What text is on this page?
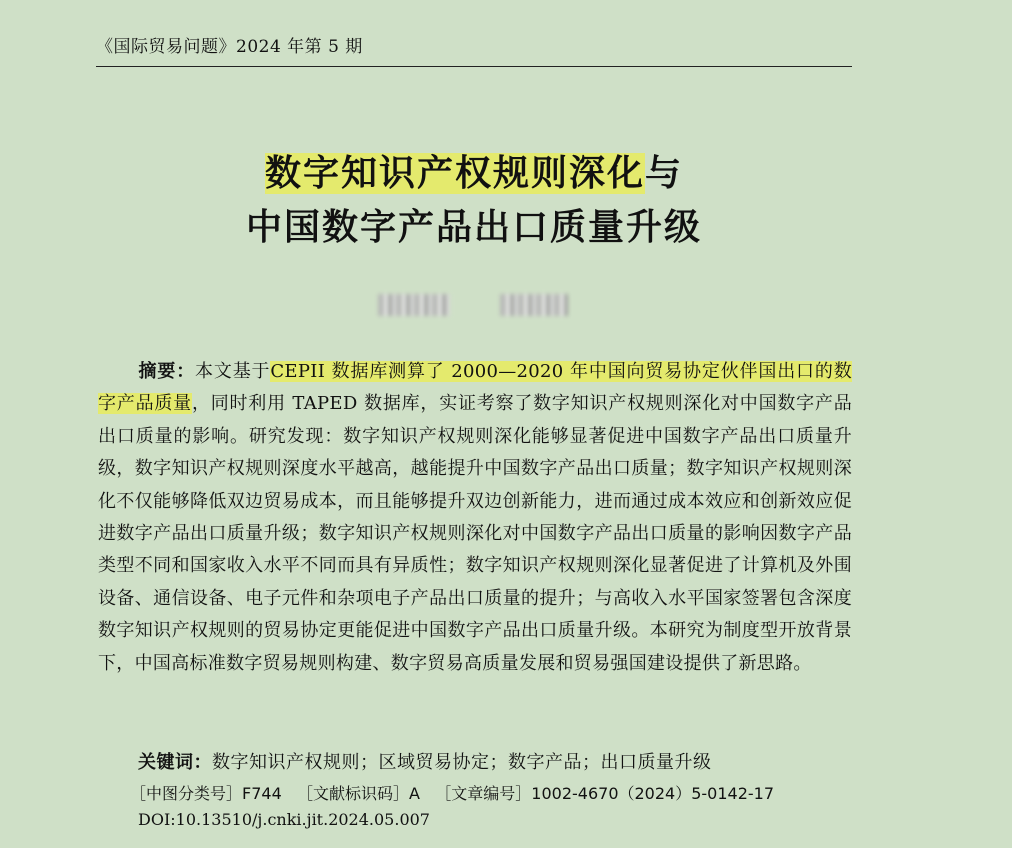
《国际贸易问题》2024 年第 5 期
数字知识产权规则深化与
中国数字产品出口质量升级
摘要：本文基于CEPII 数据库测算了 2000—2020 年中国向贸易协定伙伴国出口的数字产品质量，同时利用 TAPED 数据库，实证考察了数字知识产权规则深化对中国数字产品出口质量的影响。研究发现：数字知识产权规则深化能够显著促进中国数字产品出口质量升级，数字知识产权规则深度水平越高，越能提升中国数字产品出口质量；数字知识产权规则深化不仅能够降低双边贸易成本，而且能够提升双边创新能力，进而通过成本效应和创新效应促进数字产品出口质量升级；数字知识产权规则深化对中国数字产品出口质量的影响因数字产品类型不同和国家收入水平不同而具有异质性；数字知识产权规则深化显著促进了计算机及外围设备、通信设备、电子元件和杂项电子产品出口质量的提升；与高收入水平国家签署包含深度数字知识产权规则的贸易协定更能促进中国数字产品出口质量升级。本研究为制度型开放背景下，中国高标准数字贸易规则构建、数字贸易高质量发展和贸易强国建设提供了新思路。
关键词：数字知识产权规则；区域贸易协定；数字产品；出口质量升级
［中图分类号］F744 ［文献标识码］A ［文章编号］1002-4670（2024）5-0142-17
DOI:10.13510/j.cnki.jit.2024.05.007
